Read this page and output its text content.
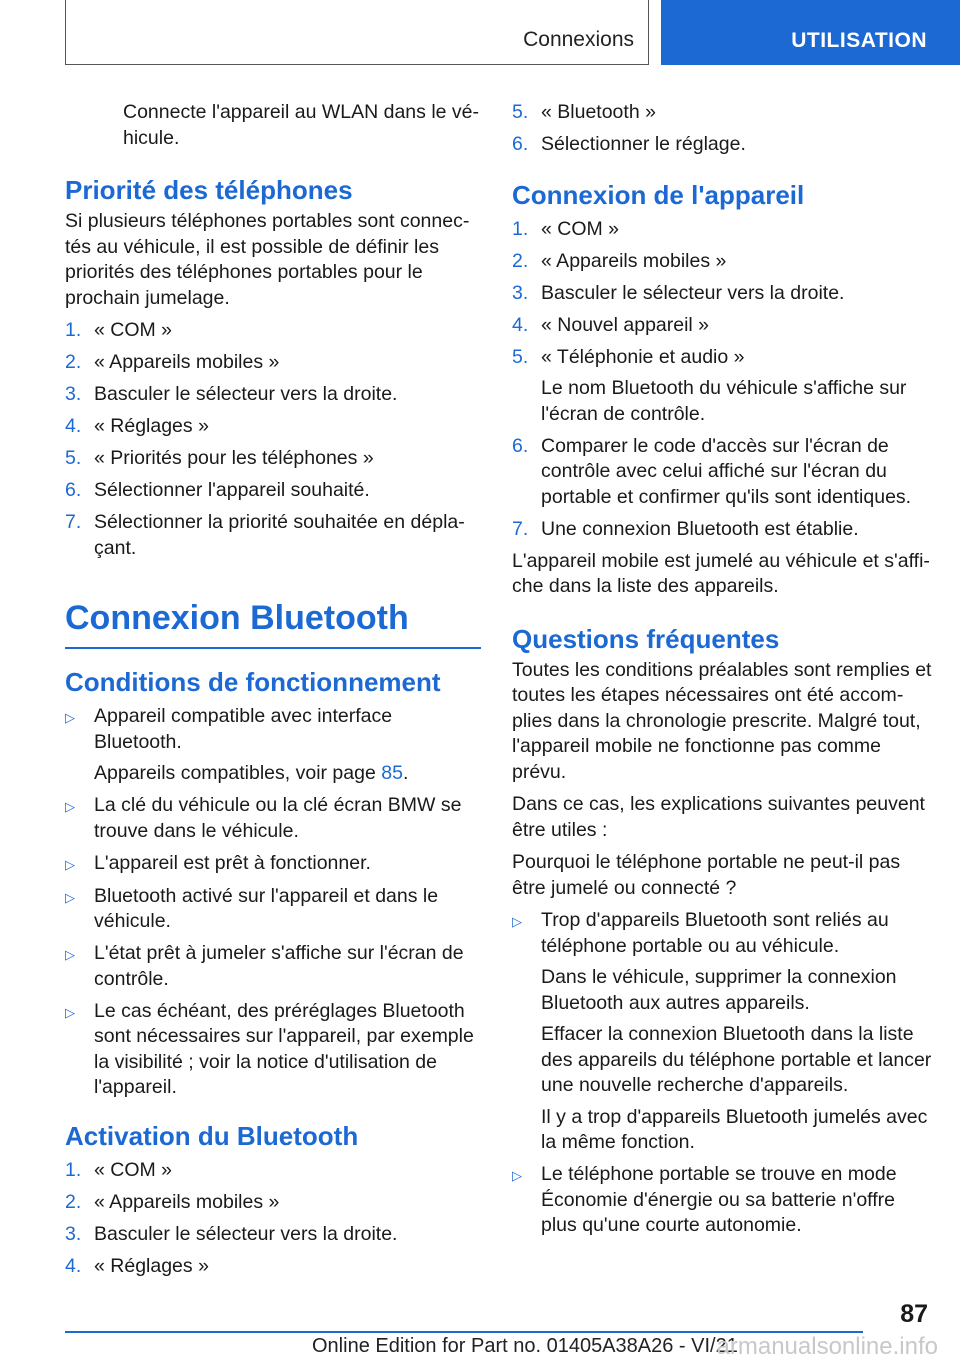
Connexions	UTILISATION
Connecte l'appareil au WLAN dans le véhicule.
Priorité des téléphones
Si plusieurs téléphones portables sont connectés au véhicule, il est possible de définir les priorités des téléphones portables pour le prochain jumelage.
1. « COM »
2. « Appareils mobiles »
3. Basculer le sélecteur vers la droite.
4. « Réglages »
5. « Priorités pour les téléphones »
6. Sélectionner l'appareil souhaité.
7. Sélectionner la priorité souhaitée en déplaçant.
Connexion Bluetooth
Conditions de fonctionnement
▷ Appareil compatible avec interface Bluetooth.
Appareils compatibles, voir page 85.
▷ La clé du véhicule ou la clé écran BMW se trouve dans le véhicule.
▷ L'appareil est prêt à fonctionner.
▷ Bluetooth activé sur l'appareil et dans le véhicule.
▷ L'état prêt à jumeler s'affiche sur l'écran de contrôle.
▷ Le cas échéant, des préréglages Bluetooth sont nécessaires sur l'appareil, par exemple la visibilité ; voir la notice d'utilisation de l'appareil.
Activation du Bluetooth
1. « COM »
2. « Appareils mobiles »
3. Basculer le sélecteur vers la droite.
4. « Réglages »
5. « Bluetooth »
6. Sélectionner le réglage.
Connexion de l'appareil
1. « COM »
2. « Appareils mobiles »
3. Basculer le sélecteur vers la droite.
4. « Nouvel appareil »
5. « Téléphonie et audio »
Le nom Bluetooth du véhicule s'affiche sur l'écran de contrôle.
6. Comparer le code d'accès sur l'écran de contrôle avec celui affiché sur l'écran du portable et confirmer qu'ils sont identiques.
7. Une connexion Bluetooth est établie.
L'appareil mobile est jumelé au véhicule et s'affiche dans la liste des appareils.
Questions fréquentes
Toutes les conditions préalables sont remplies et toutes les étapes nécessaires ont été accomplies dans la chronologie prescrite. Malgré tout, l'appareil mobile ne fonctionne pas comme prévu.
Dans ce cas, les explications suivantes peuvent être utiles :
Pourquoi le téléphone portable ne peut-il pas être jumelé ou connecté ?
▷ Trop d'appareils Bluetooth sont reliés au téléphone portable ou au véhicule.
Dans le véhicule, supprimer la connexion Bluetooth aux autres appareils.
Effacer la connexion Bluetooth dans la liste des appareils du téléphone portable et lancer une nouvelle recherche d'appareils.
Il y a trop d'appareils Bluetooth jumelés avec la même fonction.
▷ Le téléphone portable se trouve en mode Économie d'énergie ou sa batterie n'offre plus qu'une courte autonomie.
87
Online Edition for Part no. 01405A38A26 - VI/21
armanualsonline.info
